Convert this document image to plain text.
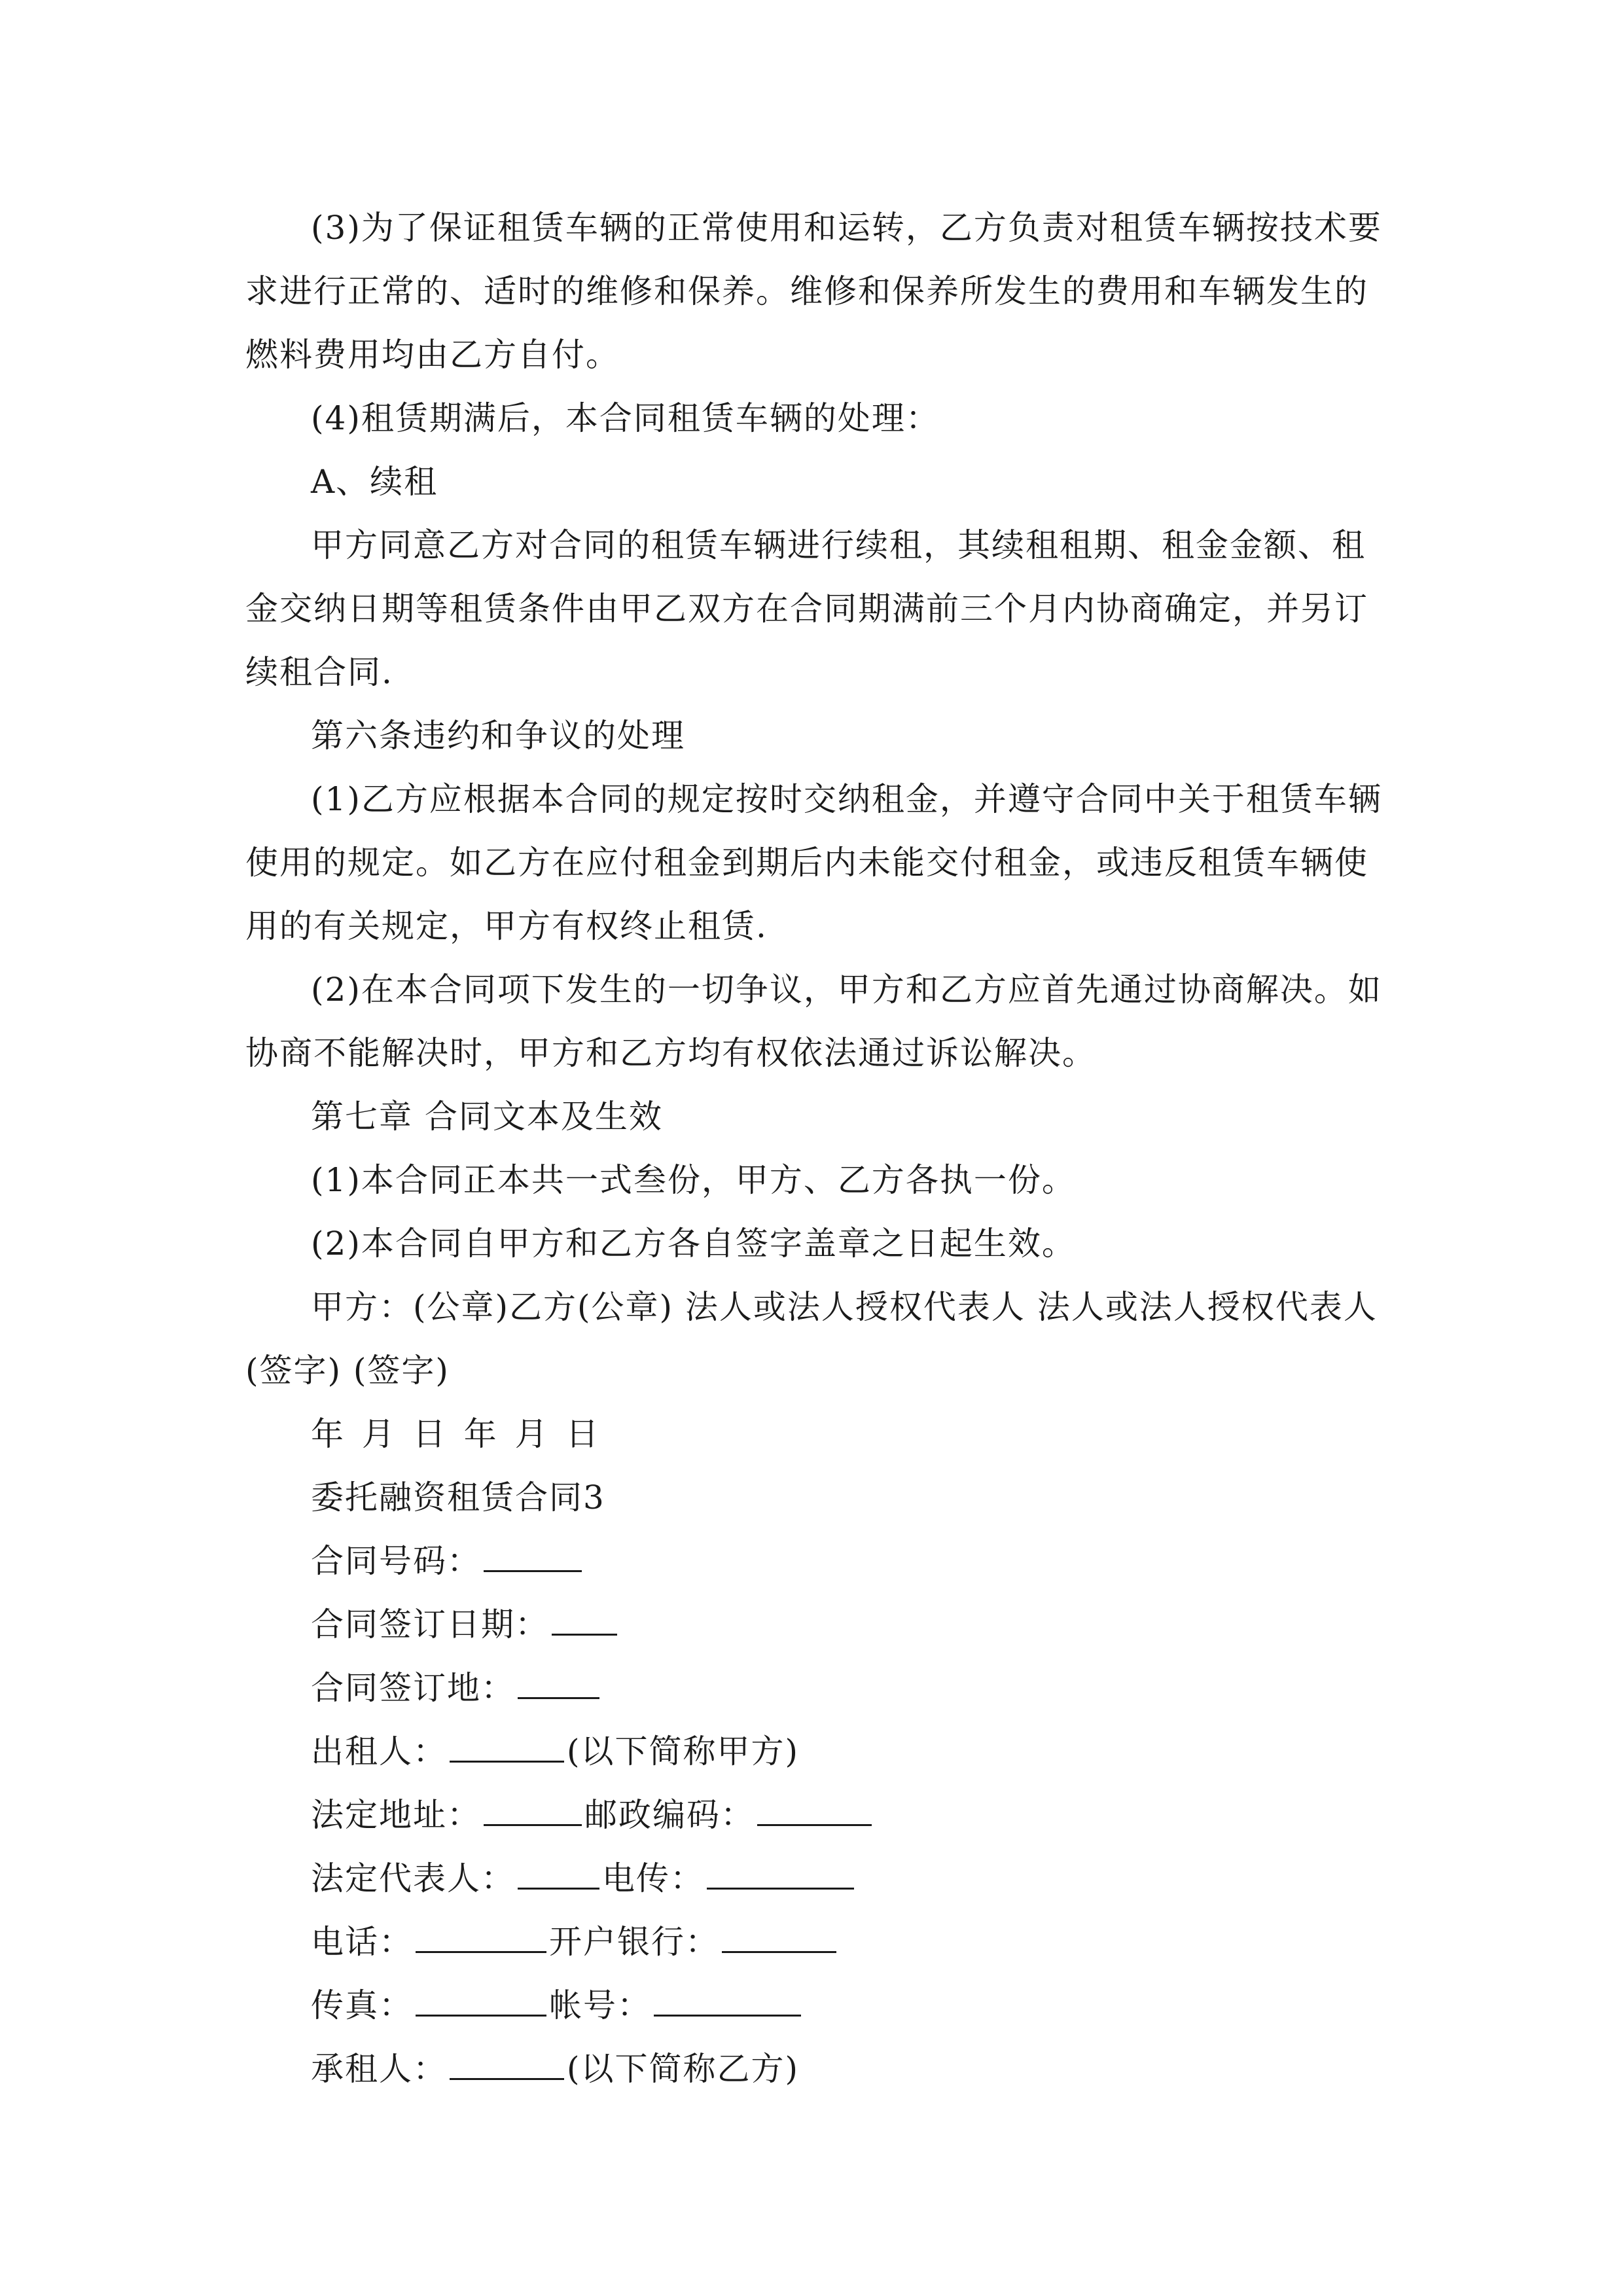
(3)为了保证租赁车辆的正常使用和运转，乙方负责对租赁车辆按技术要求进行正常的、适时的维修和保养。维修和保养所发生的费用和车辆发生的燃料费用均由乙方自付。

(4)租赁期满后，本合同租赁车辆的处理：

A、续租

甲方同意乙方对合同的租赁车辆进行续租，其续租租期、租金金额、租金交纳日期等租赁条件由甲乙双方在合同期满前三个月内协商确定，并另订续租合同.

第六条违约和争议的处理

(1)乙方应根据本合同的规定按时交纳租金，并遵守合同中关于租赁车辆使用的规定。如乙方在应付租金到期后内未能交付租金，或违反租赁车辆使用的有关规定，甲方有权终止租赁.

(2)在本合同项下发生的一切争议，甲方和乙方应首先通过协商解决。如协商不能解决时，甲方和乙方均有权依法通过诉讼解决。

第七章 合同文本及生效

(1)本合同正本共一式叁份，甲方、乙方各执一份。

(2)本合同自甲方和乙方各自签字盖章之日起生效。

甲方：(公章)乙方(公章) 法人或法人授权代表人 法人或法人授权代表人 (签字) (签字)

年 月 日 年 月 日

委托融资租赁合同3

合同号码：

合同签订日期：

合同签订地：

出租人：	(以下简称甲方)

法定地址：	邮政编码：

法定代表人：	电传：

电话：	开户银行：

传真：	帐号：

承租人：	(以下简称乙方)
